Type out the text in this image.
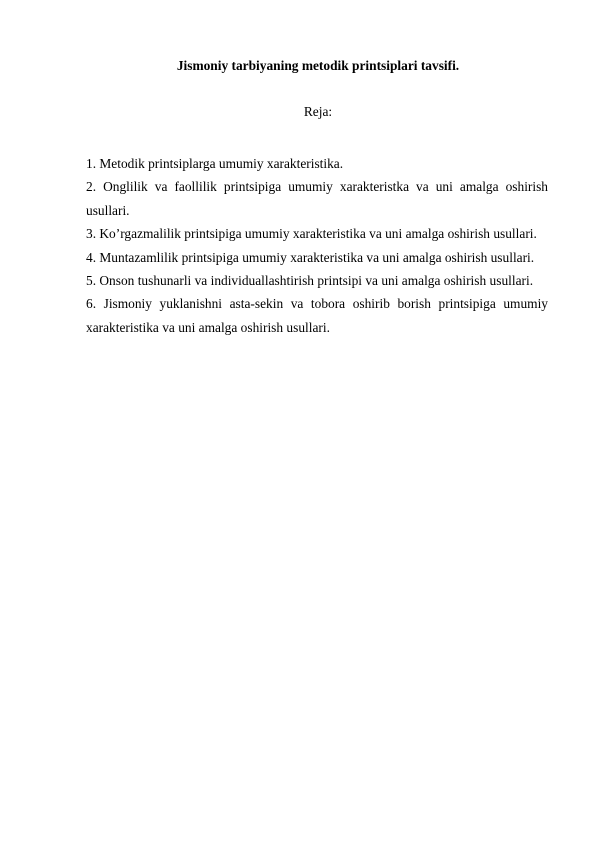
Jismoniy tarbiyaning metodik printsiplari tavsifi.
Reja:
1. Metodik printsiplarga umumiy xarakteristika.
2. Onglilik va faollilik printsipiga umumiy xarakteristka va uni amalga oshirish usullari.
3. Ko’rgazmalilik printsipiga umumiy xarakteristika va uni amalga oshirish usullari.
4. Muntazamlilik printsipiga umumiy xarakteristika va uni amalga oshirish usullari.
5. Onson tushunarli va individuallashtirish printsipi va uni amalga oshirish usullari.
6. Jismoniy yuklanishni asta-sekin va tobora oshirib borish printsipiga umumiy xarakteristika va uni amalga oshirish usullari.
